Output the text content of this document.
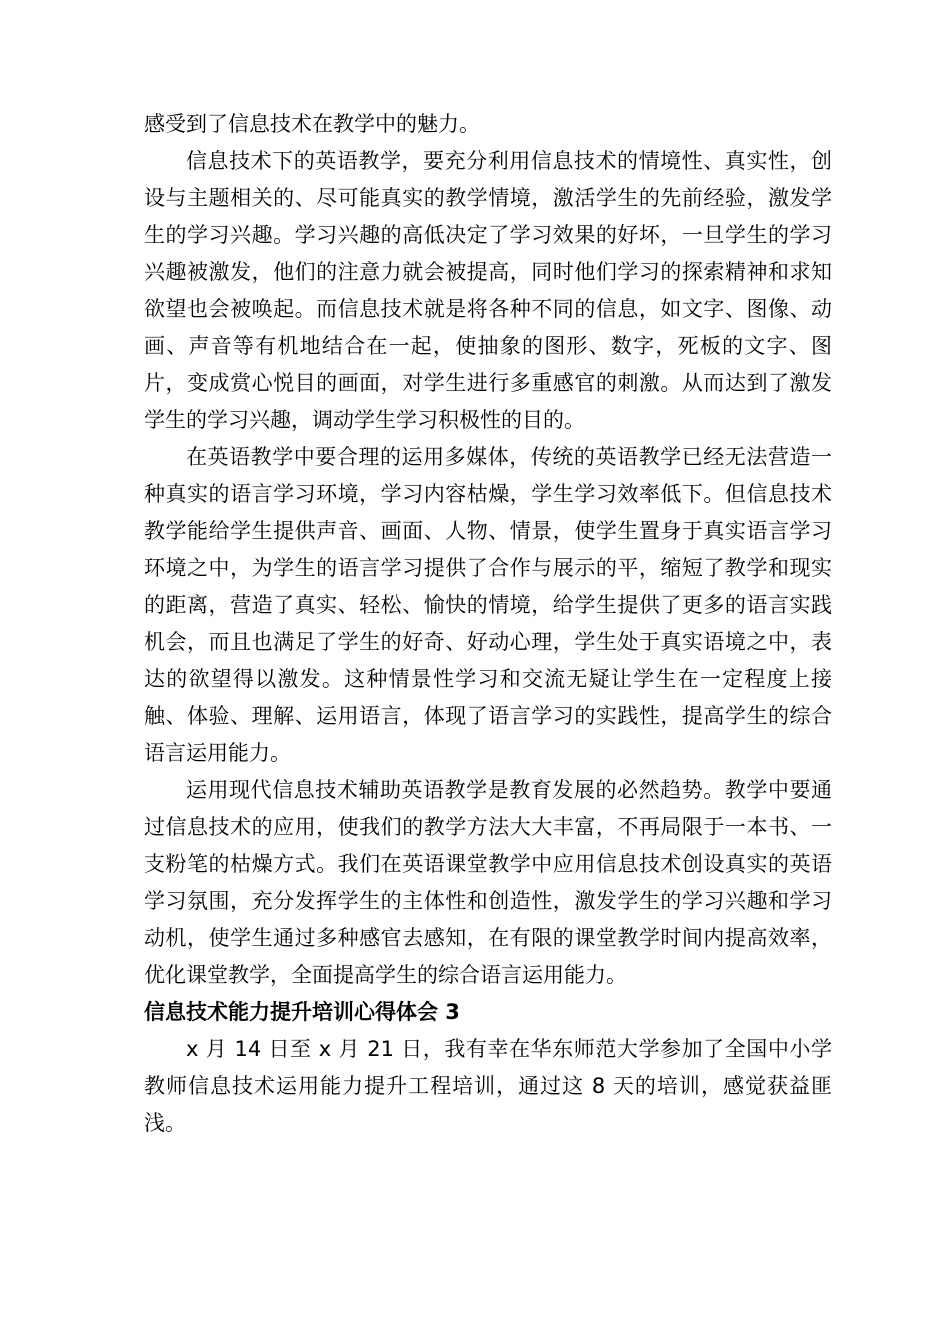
感受到了信息技术在教学中的魅力。

信息技术下的英语教学，要充分利用信息技术的情境性、真实性，创设与主题相关的、尽可能真实的教学情境，激活学生的先前经验，激发学生的学习兴趣。学习兴趣的高低决定了学习效果的好坏，一旦学生的学习兴趣被激发，他们的注意力就会被提高，同时他们学习的探索精神和求知欲望也会被唤起。而信息技术就是将各种不同的信息，如文字、图像、动画、声音等有机地结合在一起，使抽象的图形、数字，死板的文字、图片，变成赏心悦目的画面，对学生进行多重感官的刺激。从而达到了激发学生的学习兴趣，调动学生学习积极性的目的。

在英语教学中要合理的运用多媒体，传统的英语教学已经无法营造一种真实的语言学习环境，学习内容枯燥，学生学习效率低下。但信息技术教学能给学生提供声音、画面、人物、情景，使学生置身于真实语言学习环境之中，为学生的语言学习提供了合作与展示的平，缩短了教学和现实的距离，营造了真实、轻松、愉快的情境，给学生提供了更多的语言实践机会，而且也满足了学生的好奇、好动心理，学生处于真实语境之中，表达的欲望得以激发。这种情景性学习和交流无疑让学生在一定程度上接触、体验、理解、运用语言，体现了语言学习的实践性，提高学生的综合语言运用能力。

运用现代信息技术辅助英语教学是教育发展的必然趋势。教学中要通过信息技术的应用，使我们的教学方法大大丰富，不再局限于一本书、一支粉笔的枯燥方式。我们在英语课堂教学中应用信息技术创设真实的英语学习氛围，充分发挥学生的主体性和创造性，激发学生的学习兴趣和学习动机，使学生通过多种感官去感知，在有限的课堂教学时间内提高效率，优化课堂教学，全面提高学生的综合语言运用能力。

信息技术能力提升培训心得体会 3

x 月 14 日至 x 月 21 日，我有幸在华东师范大学参加了全国中小学教师信息技术运用能力提升工程培训，通过这 8 天的培训，感觉获益匪浅。
